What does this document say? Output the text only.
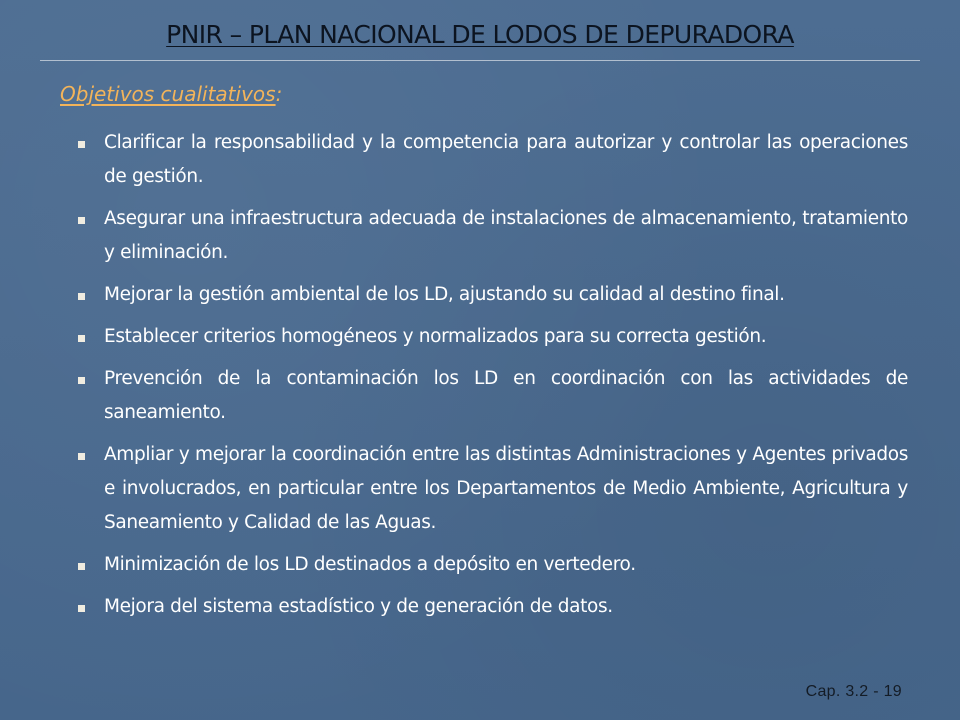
PNIR – PLAN NACIONAL DE LODOS DE DEPURADORA
Objetivos cualitativos:
Clarificar la responsabilidad y la competencia para autorizar y controlar las operaciones de gestión.
Asegurar una infraestructura adecuada de instalaciones de almacenamiento, tratamiento y eliminación.
Mejorar la gestión ambiental de los LD, ajustando su calidad al destino final.
Establecer criterios homogéneos y normalizados para su correcta gestión.
Prevención de la contaminación los LD en coordinación con las actividades de saneamiento.
Ampliar y mejorar la coordinación entre las distintas Administraciones y Agentes privados e involucrados, en particular entre los Departamentos de Medio Ambiente, Agricultura y Saneamiento y Calidad de las Aguas.
Minimización de los LD destinados a depósito en vertedero.
Mejora del sistema estadístico y de generación de datos.
Cap. 3.2 - 19
